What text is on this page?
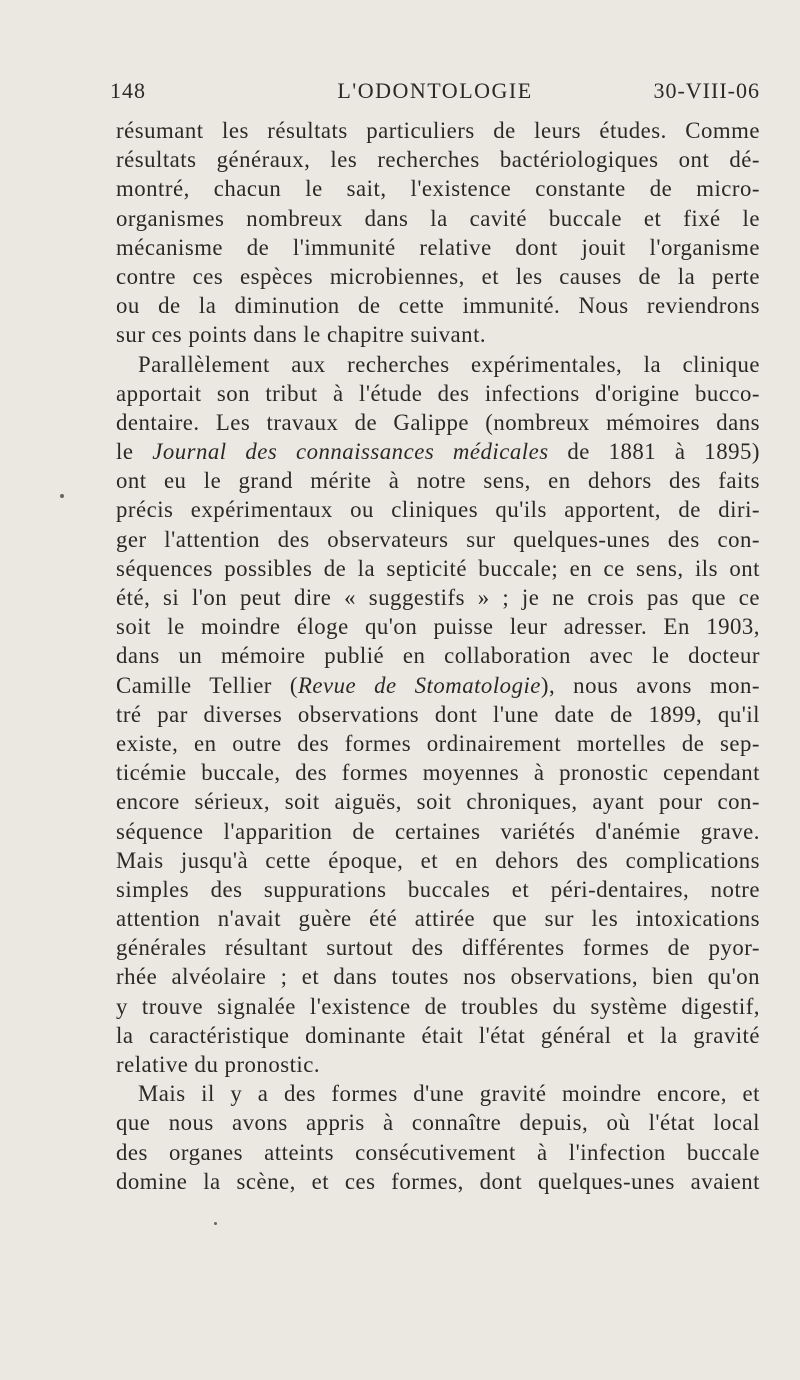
148	L'ODONTOLOGIE	30-VIII-06
résumant les résultats particuliers de leurs études. Comme
résultats généraux, les recherches bactériologiques ont dé-
montré, chacun le sait, l'existence constante de micro-
organismes nombreux dans la cavité buccale et fixé le
mécanisme de l'immunité relative dont jouit l'organisme
contre ces espèces microbiennes, et les causes de la perte
ou de la diminution de cette immunité. Nous reviendrons
sur ces points dans le chapitre suivant.
Parallèlement aux recherches expérimentales, la clinique
apportait son tribut à l'étude des infections d'origine bucco-
dentaire. Les travaux de Galippe (nombreux mémoires dans
le Journal des connaissances médicales de 1881 à 1895)
ont eu le grand mérite à notre sens, en dehors des faits
précis expérimentaux ou cliniques qu'ils apportent, de diri-
ger l'attention des observateurs sur quelques-unes des con-
séquences possibles de la septicité buccale; en ce sens, ils ont
été, si l'on peut dire « suggestifs » ; je ne crois pas que ce
soit le moindre éloge qu'on puisse leur adresser. En 1903,
dans un mémoire publié en collaboration avec le docteur
Camille Tellier (Revue de Stomatologie), nous avons mon-
tré par diverses observations dont l'une date de 1899, qu'il
existe, en outre des formes ordinairement mortelles de sep-
ticémie buccale, des formes moyennes à pronostic cependant
encore sérieux, soit aiguës, soit chroniques, ayant pour con-
séquence l'apparition de certaines variétés d'anémie grave.
Mais jusqu'à cette époque, et en dehors des complications
simples des suppurations buccales et péri-dentaires, notre
attention n'avait guère été attirée que sur les intoxications
générales résultant surtout des différentes formes de pyor-
rhée alvéolaire ; et dans toutes nos observations, bien qu'on
y trouve signalée l'existence de troubles du système digestif,
la caractéristique dominante était l'état général et la gravité
relative du pronostic.
Mais il y a des formes d'une gravité moindre encore, et
que nous avons appris à connaître depuis, où l'état local
des organes atteints consécutivement à l'infection buccale
domine la scène, et ces formes, dont quelques-unes avaient
